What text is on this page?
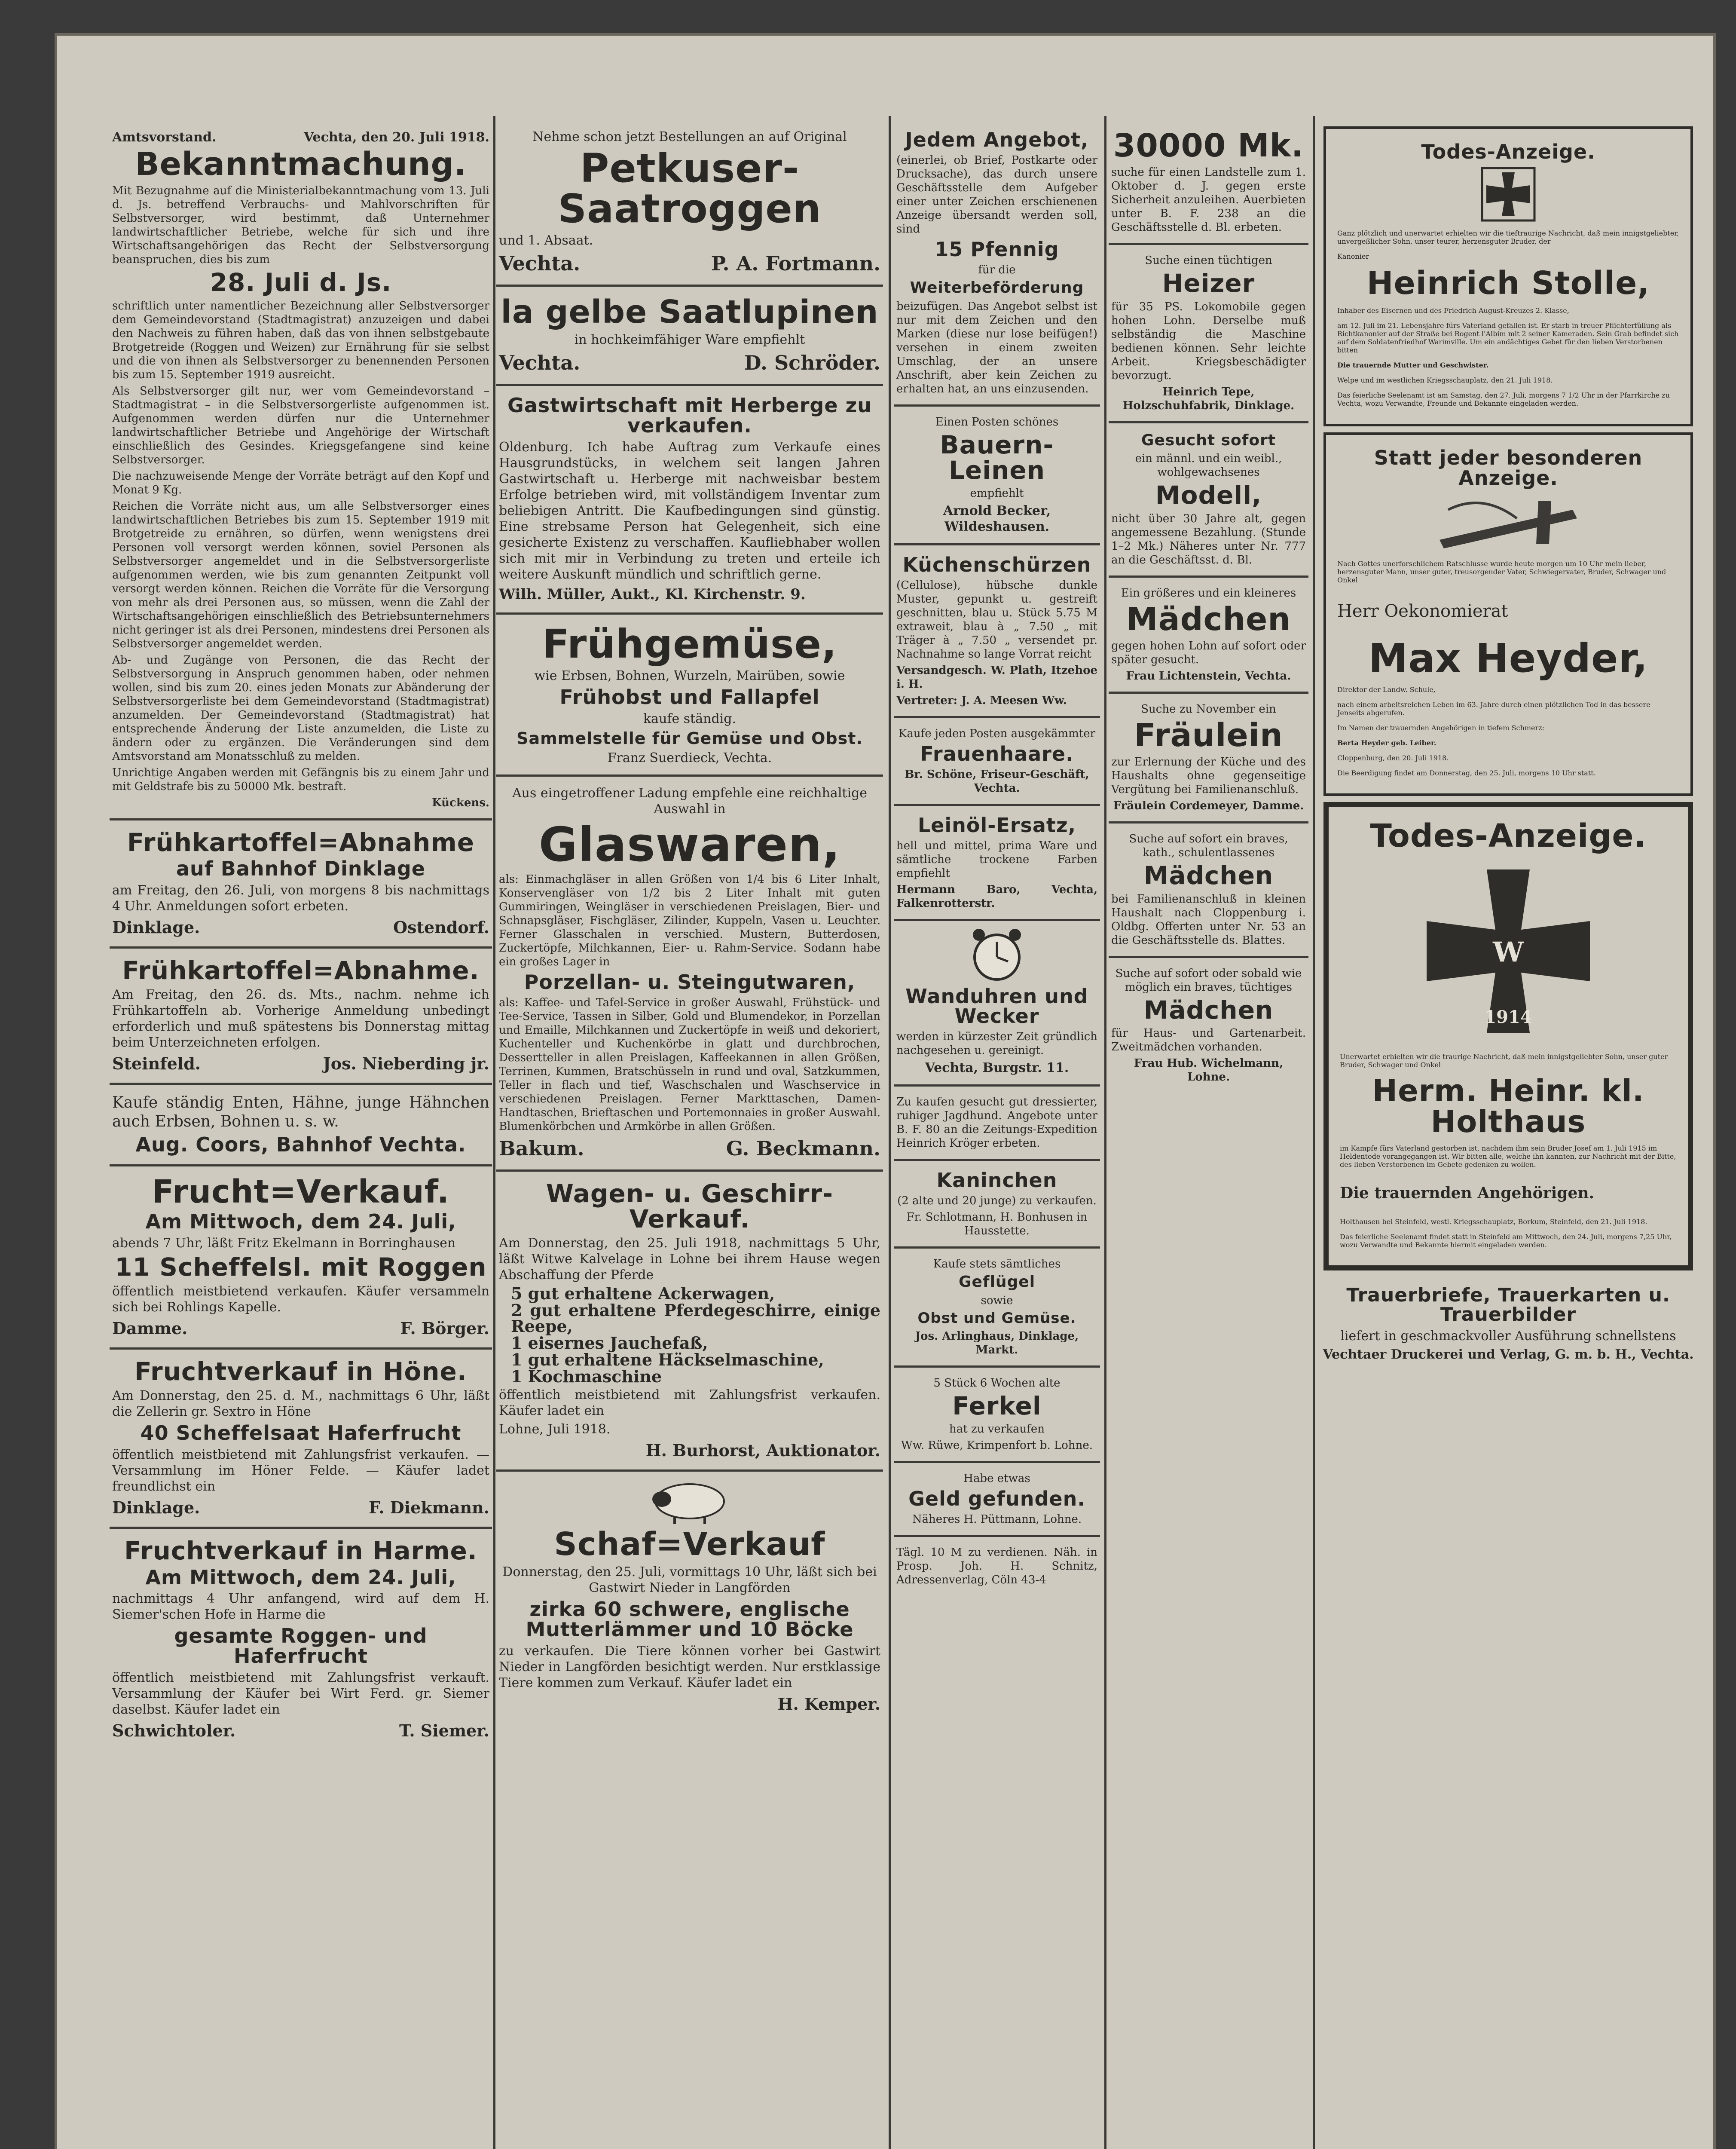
Amtsvorstand.	Vechta, den 20. Juli 1918.
Bekanntmachung.

Mit Bezugnahme auf die Ministerialbekanntmachung vom 13. Juli d. Js. betreffend Verbrauchs- und Mahlvorschriften für Selbstversorger, wird bestimmt, daß Unternehmer landwirtschaftlicher Betriebe, welche für sich und ihre Wirtschaftsangehörigen das Recht der Selbstversorgung beanspruchen, dies bis zum

28. Juli d. Js.

schriftlich unter namentlicher Bezeichnung aller Selbstversorger dem Gemeindevorstand (Stadtmagistrat) anzuzeigen und dabei den Nachweis zu führen haben, daß das von ihnen selbstgebaute Brotgetreide (Roggen und Weizen) zur Ernährung für sie selbst und die von ihnen als Selbstversorger zu benennenden Personen bis zum 15. September 1919 ausreicht.

Als Selbstversorger gilt nur, wer vom Gemeindevorstand – Stadtmagistrat – in die Selbstversorgerliste aufgenommen ist. Aufgenommen werden dürfen nur die Unternehmer landwirtschaftlicher Betriebe und Angehörige der Wirtschaft einschließlich des Gesindes. Kriegsgefangene sind keine Selbstversorger.

Die nachzuweisende Menge der Vorräte beträgt auf den Kopf und Monat 9 Kg.

Reichen die Vorräte nicht aus, um alle Selbstversorger eines landwirtschaftlichen Betriebes bis zum 15. September 1919 mit Brotgetreide zu ernähren, so dürfen, wenn wenigstens drei Personen voll versorgt werden können, soviel Personen als Selbstversorger angemeldet und in die Selbstversorgerliste aufgenommen werden, wie bis zum genannten Zeitpunkt voll versorgt werden können. Reichen die Vorräte für die Versorgung von mehr als drei Personen aus, so müssen, wenn die Zahl der Wirtschaftsangehörigen einschließlich des Betriebsunternehmers nicht geringer ist als drei Personen, mindestens drei Personen als Selbstversorger angemeldet werden.

Ab- und Zugänge von Personen, die das Recht der Selbstversorgung in Anspruch genommen haben, oder nehmen wollen, sind bis zum 20. eines jeden Monats zur Abänderung der Selbstversorgerliste bei dem Gemeindevorstand (Stadtmagistrat) anzumelden. Der Gemeindevorstand (Stadtmagistrat) hat entsprechende Änderung der Liste anzumelden, die Liste zu ändern oder zu ergänzen. Die Veränderungen sind dem Amtsvorstand am Monatsschluß zu melden.

Unrichtige Angaben werden mit Gefängnis bis zu einem Jahr und mit Geldstrafe bis zu 50000 Mk. bestraft.

Kückens.

Frühkartoffel=Abnahme
auf Bahnhof Dinklage

am Freitag, den 26. Juli, von morgens 8 bis nachmittags 4 Uhr. Anmeldungen sofort erbeten.

Dinklage.	Ostendorf.
Frühkartoffel=Abnahme.

Am Freitag, den 26. ds. Mts., nachm. nehme ich Frühkartoffeln ab. Vorherige Anmeldung unbedingt erforderlich und muß spätestens bis Donnerstag mittag beim Unterzeichneten erfolgen.

Steinfeld.	Jos. Nieberding jr.

Kaufe ständig Enten, Hähne, junge Hähnchen auch Erbsen, Bohnen u. s. w.

Aug. Coors, Bahnhof Vechta.
Frucht=Verkauf.
Am Mittwoch, dem 24. Juli,

abends 7 Uhr, läßt Fritz Ekelmann in Borringhausen

11 Scheffelsl. mit Roggen

öffentlich meistbietend verkaufen. Käufer versammeln sich bei Rohlings Kapelle.

Damme.	F. Börger.
Fruchtverkauf in Höne.

Am Donnerstag, den 25. d. M., nachmittags 6 Uhr, läßt die Zellerin gr. Sextro in Höne

40 Scheffelsaat Haferfrucht

öffentlich meistbietend mit Zahlungsfrist verkaufen. — Versammlung im Höner Felde. — Käufer ladet freundlichst ein

Dinklage.	F. Diekmann.
Fruchtverkauf in Harme.
Am Mittwoch, dem 24. Juli,

nachmittags 4 Uhr anfangend, wird auf dem H. Siemer'schen Hofe in Harme die

gesamte Roggen- und Haferfrucht

öffentlich meistbietend mit Zahlungsfrist verkauft. Versammlung der Käufer bei Wirt Ferd. gr. Siemer daselbst. Käufer ladet ein

Schwichtoler.	T. Siemer.

Nehme schon jetzt Bestellungen an auf Original

Petkuser-Saatroggen

und 1. Absaat.

Vechta.	P. A. Fortmann.
la gelbe Saatlupinen

in hochkeimfähiger Ware empfiehlt

Vechta.	D. Schröder.
Gastwirtschaft mit Herberge zu verkaufen.

Oldenburg. Ich habe Auftrag zum Verkaufe eines Hausgrundstücks, in welchem seit langen Jahren Gastwirtschaft u. Herberge mit nachweisbar bestem Erfolge betrieben wird, mit vollständigem Inventar zum beliebigen Antritt. Die Kaufbedingungen sind günstig. Eine strebsame Person hat Gelegenheit, sich eine gesicherte Existenz zu verschaffen. Kaufliebhaber wollen sich mit mir in Verbindung zu treten und erteile ich weitere Auskunft mündlich und schriftlich gerne.

Wilh. Müller, Aukt., Kl. Kirchenstr. 9.
Frühgemüse,

wie Erbsen, Bohnen, Wurzeln, Mairüben, sowie

Frühobst und Fallapfel

kaufe ständig.

Sammelstelle für Gemüse und Obst.

Franz Suerdieck, Vechta.

Aus eingetroffener Ladung empfehle eine reichhaltige Auswahl in

Glaswaren,

als: Einmachgläser in allen Größen von 1/4 bis 6 Liter Inhalt, Konservengläser von 1/2 bis 2 Liter Inhalt mit guten Gummiringen, Weingläser in verschiedenen Preislagen, Bier- und Schnapsgläser, Fischgläser, Zilinder, Kuppeln, Vasen u. Leuchter. Ferner Glasschalen in verschied. Mustern, Butterdosen, Zuckertöpfe, Milchkannen, Eier- u. Rahm-Service. Sodann habe ein großes Lager in

Porzellan- u. Steingutwaren,

als: Kaffee- und Tafel-Service in großer Auswahl, Frühstück- und Tee-Service, Tassen in Silber, Gold und Blumendekor, in Porzellan und Emaille, Milchkannen und Zuckertöpfe in weiß und dekoriert, Kuchenteller und Kuchenkörbe in glatt und durchbrochen, Dessertteller in allen Preislagen, Kaffeekannen in allen Größen, Terrinen, Kummen, Bratschüsseln in rund und oval, Satzkummen, Teller in flach und tief, Waschschalen und Waschservice in verschiedenen Preislagen. Ferner Markttaschen, Damen-Handtaschen, Brieftaschen und Portemonnaies in großer Auswahl. Blumenkörbchen und Armkörbe in allen Größen.

Bakum.	G. Beckmann.
Wagen- u. Geschirr-Verkauf.

Am Donnerstag, den 25. Juli 1918, nachmittags 5 Uhr, läßt Witwe Kalvelage in Lohne bei ihrem Hause wegen Abschaffung der Pferde

5 gut erhaltene Ackerwagen,

2 gut erhaltene Pferdegeschirre, einige Reepe,

1 eisernes Jauchefaß,

1 gut erhaltene Häckselmaschine,

1 Kochmaschine

öffentlich meistbietend mit Zahlungsfrist verkaufen. Käufer ladet ein

Lohne, Juli 1918.

H. Burhorst, Auktionator.
Schaf=Verkauf

Donnerstag, den 25. Juli, vormittags 10 Uhr, läßt sich bei Gastwirt Nieder in Langförden

zirka 60 schwere, englische Mutterlämmer und 10 Böcke

zu verkaufen. Die Tiere können vorher bei Gastwirt Nieder in Langförden besichtigt werden. Nur erstklassige Tiere kommen zum Verkauf. Käufer ladet ein

H. Kemper.
Jedem Angebot,

(einerlei, ob Brief, Postkarte oder Drucksache), das durch unsere Geschäftsstelle dem Aufgeber einer unter Zeichen erschienenen Anzeige übersandt werden soll, sind

15 Pfennig

für die

Weiterbeförderung

beizufügen. Das Angebot selbst ist nur mit dem Zeichen und den Marken (diese nur lose beifügen!) versehen in einem zweiten Umschlag, der an unsere Anschrift, aber kein Zeichen zu erhalten hat, an uns einzusenden.

Einen Posten schönes

Bauern-Leinen

empfiehlt

Arnold Becker, Wildeshausen.

Küchenschürzen

(Cellulose), hübsche dunkle Muster, gepunkt u. gestreift geschnitten, blau u. Stück 5.75 M extraweit, blau à „ 7.50 „ mit Träger à „ 7.50 „ versendet pr. Nachnahme so lange Vorrat reicht

Versandgesch. W. Plath, Itzehoe i. H.

Vertreter: J. A. Meesen Ww.

Kaufe jeden Posten ausgekämmter

Frauenhaare.

Br. Schöne, Friseur-Geschäft, Vechta.

Leinöl-Ersatz,

hell und mittel, prima Ware und sämtliche trockene Farben empfiehlt

Hermann Baro, Vechta, Falkenrotterstr.

Wanduhren und Wecker

werden in kürzester Zeit gründlich nachgesehen u. gereinigt.

Vechta, Burgstr. 11.

Zu kaufen gesucht gut dressierter, ruhiger Jagdhund. Angebote unter B. F. 80 an die Zeitungs-Expedition Heinrich Kröger erbeten.

Kaninchen

(2 alte und 20 junge) zu verkaufen.

Fr. Schlotmann, H. Bonhusen in Hausstette.

Kaufe stets sämtliches

Geflügel

sowie

Obst und Gemüse.

Jos. Arlinghaus, Dinklage, Markt.

5 Stück 6 Wochen alte

Ferkel

hat zu verkaufen

Ww. Rüwe, Krimpenfort b. Lohne.

Habe etwas

Geld gefunden.

Näheres H. Püttmann, Lohne.

Tägl. 10 M zu verdienen. Näh. in Prosp. Joh. H. Schnitz, Adressenverlag, Cöln 43-4

30000 Mk.

suche für einen Landstelle zum 1. Oktober d. J. gegen erste Sicherheit anzuleihen. Auerbieten unter B. F. 238 an die Geschäftsstelle d. Bl. erbeten.

Suche einen tüchtigen

Heizer

für 35 PS. Lokomobile gegen hohen Lohn. Derselbe muß selbständig die Maschine bedienen können. Sehr leichte Arbeit. Kriegsbeschädigter bevorzugt.

Heinrich Tepe, Holzschuhfabrik, Dinklage.

Gesucht sofort

ein männl. und ein weibl., wohlgewachsenes

Modell,

nicht über 30 Jahre alt, gegen angemessene Bezahlung. (Stunde 1–2 Mk.) Näheres unter Nr. 777 an die Geschäftsst. d. Bl.

Ein größeres und ein kleineres

Mädchen

gegen hohen Lohn auf sofort oder später gesucht.

Frau Lichtenstein, Vechta.

Suche zu November ein

Fräulein

zur Erlernung der Küche und des Haushalts ohne gegenseitige Vergütung bei Familienanschluß.

Fräulein Cordemeyer, Damme.

Suche auf sofort ein braves, kath., schulentlassenes

Mädchen

bei Familienanschluß in kleinen Haushalt nach Cloppenburg i. Oldbg. Offerten unter Nr. 53 an die Geschäftsstelle ds. Blattes.

Suche auf sofort oder sobald wie möglich ein braves, tüchtiges

Mädchen

für Haus- und Gartenarbeit. Zweitmädchen vorhanden.

Frau Hub. Wichelmann, Lohne.

Todes-Anzeige.

Ganz plötzlich und unerwartet erhielten wir die tieftraurige Nachricht, daß mein innigstgeliebter, unvergeßlicher Sohn, unser teurer, herzensguter Bruder, der

Kanonier

Heinrich Stolle,

Inhaber des Eisernen und des Friedrich August-Kreuzes 2. Klasse,

am 12. Juli im 21. Lebensjahre fürs Vaterland gefallen ist. Er starb in treuer Pflichterfüllung als Richtkanonier auf der Straße bei Rogent l'Albim mit 2 seiner Kameraden. Sein Grab befindet sich auf dem Soldatenfriedhof Warimville. Um ein andächtiges Gebet für den lieben Verstorbenen bitten

Die trauernde Mutter und Geschwister.

Welpe und im westlichen Kriegsschauplatz, den 21. Juli 1918.

Das feierliche Seelenamt ist am Samstag, den 27. Juli, morgens 7 1/2 Uhr in der Pfarrkirche zu Vechta, wozu Verwandte, Freunde und Bekannte eingeladen werden.

Statt jeder besonderen Anzeige.

Nach Gottes unerforschlichem Ratschlusse wurde heute morgen um 10 Uhr mein lieber, herzensguter Mann, unser guter, treusorgender Vater, Schwiegervater, Bruder, Schwager und Onkel

Herr Oekonomierat

Max Heyder,

Direktor der Landw. Schule,

nach einem arbeitsreichen Leben im 63. Jahre durch einen plötzlichen Tod in das bessere Jenseits abgerufen.

Im Namen der trauernden Angehörigen in tiefem Schmerz:

Berta Heyder geb. Leiber.

Cloppenburg, den 20. Juli 1918.

Die Beerdigung findet am Donnerstag, den 25. Juli, morgens 10 Uhr statt.

Todes-Anzeige.
W
1914

Unerwartet erhielten wir die traurige Nachricht, daß mein innigstgeliebter Sohn, unser guter Bruder, Schwager und Onkel

Herm. Heinr. kl. Holthaus

im Kampfe fürs Vaterland gestorben ist, nachdem ihm sein Bruder Josef am 1. Juli 1915 im Heldentode vorangegangen ist. Wir bitten alle, welche ihn kannten, zur Nachricht mit der Bitte, des lieben Verstorbenen im Gebete gedenken zu wollen.

Die trauernden Angehörigen.

Holthausen bei Steinfeld, westl. Kriegsschauplatz, Borkum, Steinfeld, den 21. Juli 1918.

Das feierliche Seelenamt findet statt in Steinfeld am Mittwoch, den 24. Juli, morgens 7,25 Uhr, wozu Verwandte und Bekannte hiermit eingeladen werden.

Trauerbriefe, Trauerkarten u. Trauerbilder

liefert in geschmackvoller Ausführung schnellstens

Vechtaer Druckerei und Verlag, G. m. b. H., Vechta.
